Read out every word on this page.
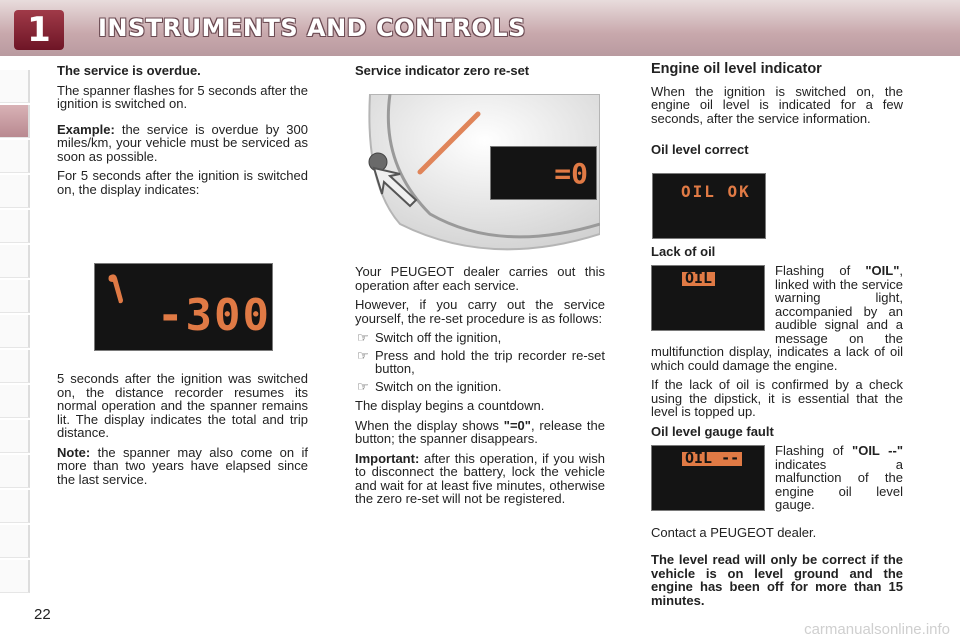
1	INSTRUMENTS AND CONTROLS

The service is overdue.

The spanner flashes for 5 seconds after the ignition is switched on.

Example: the service is overdue by 300 miles/km, your vehicle must be serviced as soon as possible.

For 5 seconds after the ignition is switched on, the display indicates:

-300

5 seconds after the ignition was switched on, the distance recorder resumes its normal operation and the spanner remains lit. The display indicates the total and trip distance.

Note: the spanner may also come on if more than two years have elapsed since the last service.

Service indicator zero re-set

=0

Your PEUGEOT dealer carries out this operation after each service.

However, if you carry out the service yourself, the re-set procedure is as follows:

☞ Switch off the ignition,
☞ Press and hold the trip recorder re-set button,
☞ Switch on the ignition.

The display begins a countdown.

When the display shows "=0", release the button; the spanner disappears.

Important: after this operation, if you wish to disconnect the battery, lock the vehicle and wait for at least five minutes, otherwise the zero re-set will not be registered.

Engine oil level indicator

When the ignition is switched on, the engine oil level is indicated for a few seconds, after the service information.

Oil level correct

OIL OK

Lack of oil

OIL	Flashing of "OIL", linked with the service warning light, accompanied by an audible signal and a message on the multifunction display, indicates a lack of oil which could damage the engine.

If the lack of oil is confirmed by a check using the dipstick, it is essential that the level is topped up.

Oil level gauge fault

OIL --	Flashing of "OIL --" indicates a malfunction of the engine oil level gauge.

Contact a PEUGEOT dealer.

The level read will only be correct if the vehicle is on level ground and the engine has been off for more than 15 minutes.

22
carmanualsonline.info
